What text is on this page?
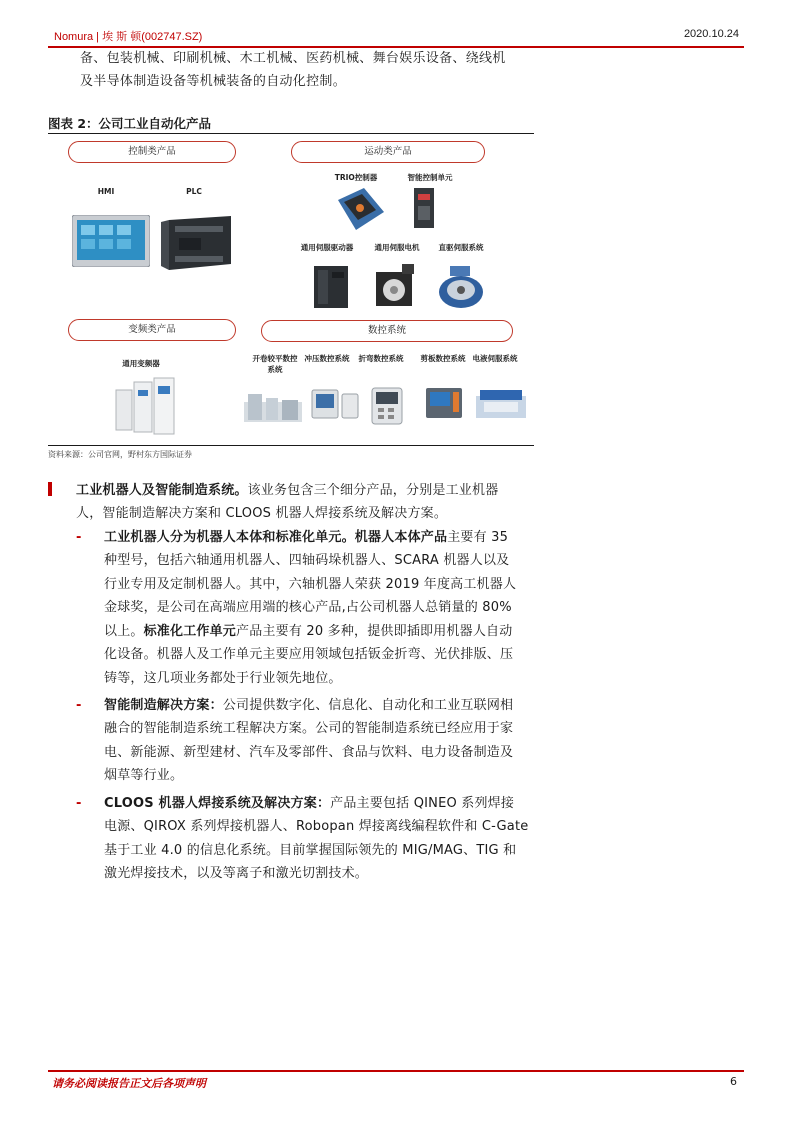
Nomura | 埃 斯 顿(002747.SZ)	2020.10.24
备、包装机械、印刷机械、木工机械、医药机械、舞台娱乐设备、绕线机
及半导体制造设备等机械装备的自动化控制。
图表 2：公司工业自动化产品
控制类产品	运动类产品
HMI	PLC
TRIO控制器	智能控制单元
通用伺服驱动器	通用伺服电机	直驱伺服系统
变频类产品	数控系统
通用变频器
开卷较平数控系统
冲压数控系统 折弯数控系统 剪板数控系统 电液伺服系统
资料来源：公司官网，野村东方国际证券
工业机器人及智能制造系统。该业务包含三个细分产品，分别是工业机器
人，智能制造解决方案和 CLOOS 机器人焊接系统及解决方案。
- 工业机器人分为机器人本体和标准化单元。机器人本体产品主要有 35
种型号，包括六轴通用机器人、四轴码垛机器人、SCARA 机器人以及
行业专用及定制机器人。其中，六轴机器人荣获 2019 年度高工机器人
金球奖，是公司在高端应用端的核心产品,占公司机器人总销量的 80%
以上。标准化工作单元产品主要有 20 多种，提供即插即用机器人自动
化设备。机器人及工作单元主要应用领域包括钣金折弯、光伏排版、压
铸等，这几项业务都处于行业领先地位。
- 智能制造解决方案：公司提供数字化、信息化、自动化和工业互联网相
融合的智能制造系统工程解决方案。公司的智能制造系统已经应用于家
电、新能源、新型建材、汽车及零部件、食品与饮料、电力设备制造及
烟草等行业。
- CLOOS 机器人焊接系统及解决方案：产品主要包括 QINEO 系列焊接
电源、QIROX 系列焊接机器人、Robopan 焊接离线编程软件和 C-Gate
基于工业 4.0 的信息化系统。目前掌握国际领先的 MIG/MAG、TIG 和
激光焊接技术，以及等离子和激光切割技术。
请务必阅读报告正文后各项声明	6
